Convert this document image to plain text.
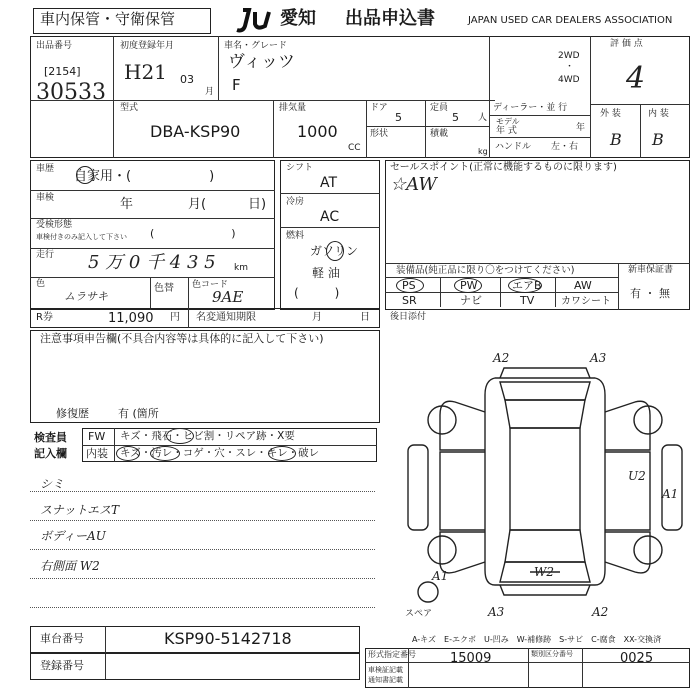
車内保管・守衛保管	愛知 出品申込書	JAPAN USED CAR DEALERS ASSOCIATION
出品番号
[2154]
30533
初度登録年月
H21 03
月
車名・グレード
ヴィッツ
F
2WD
・
4WD
評 価 点
4
外 装	内 装
B B
型式
DBA-KSP90
排気量
1000
CC
ドア
5
定員
5 人
形状	積載
kg
ディーラー・並 行
モデル
年 式	年
ハンドル 左・右
車歴 自家用・(　　　　　　)
車検	年	月(	日)
受検形態
車検付きのみ記入して下さい (　　　　　　　)
走行 5 万 0 千 4 3 5 km
色
ムラサキ
色替 色コード
9AE
R券	11,090 円 名変通知期限	月	日
シフト
AT
冷房
AC
燃料
ガソリン
軽 油
(　　　)
セールスポイント(正常に機能するものに限ります)
☆AW
装備品(純正品に限り〇をつけてください)
PS	PW	エアB	AW
SR	ナビ	TV	カワシート
新車保証書
有 ・ 無
後日添付
注意事項申告欄(不具合内容等は具体的に記入して下さい)
修復歴	有 (箇所
検査員
記入欄
FW キズ・飛石・ヒビ割・リペア跡・X要
内装 キズ・汚レ・コゲ・穴・スレ・キレ・破レ
シミ
スナットエスT
ボディーAU
右側面 W2
A2	A3
U2
A1
A1	W2
A3	A2
スペア
A-キズ　E-エクボ　U-凹み　W-補修跡　S-サビ　C-腐食　XX-交換済
車台番号	KSP90-5142718
登録番号
形式指定番号
車検証記載
通知書記載
15009	類別区分番号	0025
